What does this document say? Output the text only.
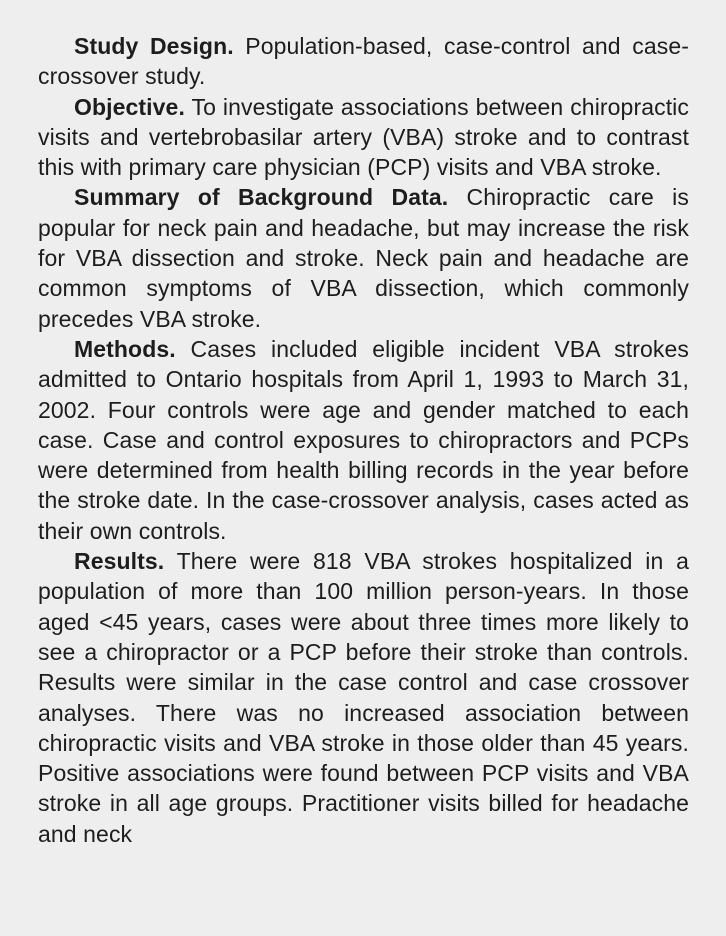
Study Design. Population-based, case-control and case-crossover study.

Objective. To investigate associations between chiropractic visits and vertebrobasilar artery (VBA) stroke and to contrast this with primary care physician (PCP) visits and VBA stroke.

Summary of Background Data. Chiropractic care is popular for neck pain and headache, but may increase the risk for VBA dissection and stroke. Neck pain and headache are common symptoms of VBA dissection, which commonly precedes VBA stroke.

Methods. Cases included eligible incident VBA strokes admitted to Ontario hospitals from April 1, 1993 to March 31, 2002. Four controls were age and gender matched to each case. Case and control exposures to chiropractors and PCPs were determined from health billing records in the year before the stroke date. In the case-crossover analysis, cases acted as their own controls.

Results. There were 818 VBA strokes hospitalized in a population of more than 100 million person-years. In those aged <45 years, cases were about three times more likely to see a chiropractor or a PCP before their stroke than controls. Results were similar in the case control and case crossover analyses. There was no increased association between chiropractic visits and VBA stroke in those older than 45 years. Positive associations were found between PCP visits and VBA stroke in all age groups. Practitioner visits billed for headache and neck
